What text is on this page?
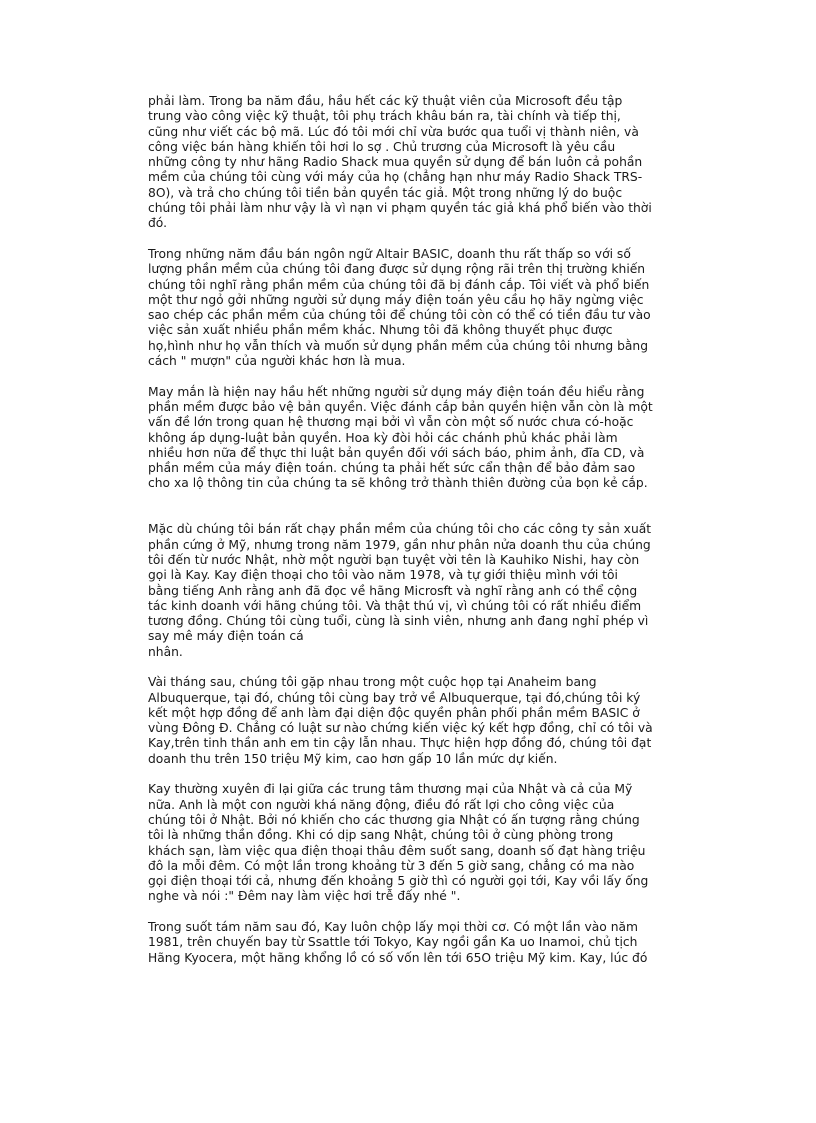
phải làm. Trong ba năm đầu, hầu hết các kỹ thuật viên của Microsoft đều tập
trung vào công việc kỹ thuật, tôi phụ trách khâu bán ra, tài chính và tiếp thị,
cũng như viết các bộ mã. Lúc đó tôi mới chỉ vừa bước qua tuổi vị thành niên, và
công việc bán hàng khiến tôi hơi lo sợ . Chủ trương của Microsoft là yêu cầu
những công ty như hãng Radio Shack mua quyền sử dụng để bán luôn cả pohần
mềm của chúng tôi cùng với máy của họ (chẳng hạn như máy Radio Shack TRS-
8O), và trả cho chúng tôi tiền bản quyền tác giả. Một trong những lý do buộc
chúng tôi phải làm như vậy là vì nạn vi phạm quyền tác giả khá phổ biến vào thời
đó.

Trong những năm đầu bán ngôn ngữ Altair BASIC, doanh thu rất thấp so với số
lượng phần mềm của chúng tôi đang được sử dụng rộng rãi trên thị trường khiến
chúng tôi nghĩ rằng phần mềm của chúng tôi đã bị đánh cắp. Tôi viết và phổ biến
một thư ngỏ gởi những người sử dụng máy điện toán yêu cầu họ hãy ngừng việc
sao chép các phần mềm của chúng tôi để chúng tôi còn có thể có tiền đầu tư vào
việc sản xuất nhiều phần mềm khác. Nhưng tôi đã không thuyết phục được
họ,hình như họ vẫn thích và muốn sử dụng phần mềm của chúng tôi nhưng bằng
cách " mượn" của người khác hơn là mua.

May mắn là hiện nay hầu hết những người sử dụng máy điện toán đều hiểu rằng
phần mềm được bảo vệ bản quyền. Việc đánh cắp bản quyền hiện vẫn còn là một
vấn đề lớn trong quan hệ thương mại bởi vì vẫn còn một số nước chưa có-hoặc
không áp dụng-luật bản quyền. Hoa kỳ đòi hỏi các chánh phủ khác phải làm
nhiều hơn nữa để thực thi luật bản quyền đối với sách báo, phim ảnh, đĩa CD, và
phần mềm của máy điện toán. chúng ta phải hết sức cẩn thận để bảo đảm sao
cho xa lộ thông tin của chúng ta sẽ không trở thành thiên đường của bọn kẻ cắp.

Mặc dù chúng tôi bán rất chạy phần mềm của chúng tôi cho các công ty sản xuất
phần cứng ở Mỹ, nhưng trong năm 1979, gần như phân nửa doanh thu của chúng
tôi đến từ nước Nhật, nhờ một người bạn tuyệt vời tên là Kauhiko Nishi, hay còn
gọi là Kay. Kay điện thoại cho tôi vào năm 1978, và tự giới thiệu mình với tôi
bằng tiếng Anh rằng anh đã đọc về hãng Microsft và nghĩ rằng anh có thể cộng
tác kinh doanh với hãng chúng tôi. Và thật thú vị, vì chúng tôi có rất nhiều điểm
tương đồng. Chúng tôi cùng tuổi, cùng là sinh viên, nhưng anh đang nghỉ phép vì
say mê máy điện toán cá
nhân.

Vài tháng sau, chúng tôi gặp nhau trong một cuộc họp tại Anaheim bang
Albuquerque, tại đó, chúng tôi cùng bay trở về Albuquerque, tại đó,chúng tôi ký
kết một hợp đồng để anh làm đại diện độc quyền phân phối phần mềm BASIC ở
vùng Đông Đ. Chẳng có luật sư nào chứng kiến việc ký kết hợp đồng, chỉ có tôi và
Kay,trên tinh thần anh em tin cậy lẫn nhau. Thực hiện hợp đồng đó, chúng tôi đạt
doanh thu trên 150 triệu Mỹ kim, cao hơn gấp 10 lần mức dự kiến.

Kay thường xuyên đi lại giữa các trung tâm thương mại của Nhật và cả của Mỹ
nữa. Anh là một con người khá năng động, điều đó rất lợi cho công việc của
chúng tôi ở Nhật. Bởi nó khiến cho các thương gia Nhật có ấn tượng rằng chúng
tôi là những thần đồng. Khi có dịp sang Nhật, chúng tôi ở cùng phòng trong
khách sạn, làm việc qua điện thoại thâu đêm suốt sang, doanh số đạt hàng triệu
đô la mỗi đêm. Có một lần trong khoảng từ 3 đến 5 giờ sang, chẳng có ma nào
gọi điện thoại tới cả, nhưng đến khoảng 5 giờ thì có người gọi tới, Kay vồi lấy ống
nghe và nói :" Đêm nay làm việc hơi trễ đấy nhé ".

Trong suốt tám năm sau đó, Kay luôn chộp lấy mọi thời cơ. Có một lần vào năm
1981, trên chuyến bay từ Ssattle tới Tokyo, Kay ngồi gần Ka uo Inamoi, chủ tịch
Hãng Kyocera, một hãng khổng lồ có số vốn lên tới 65O triệu Mỹ kim. Kay, lúc đó
